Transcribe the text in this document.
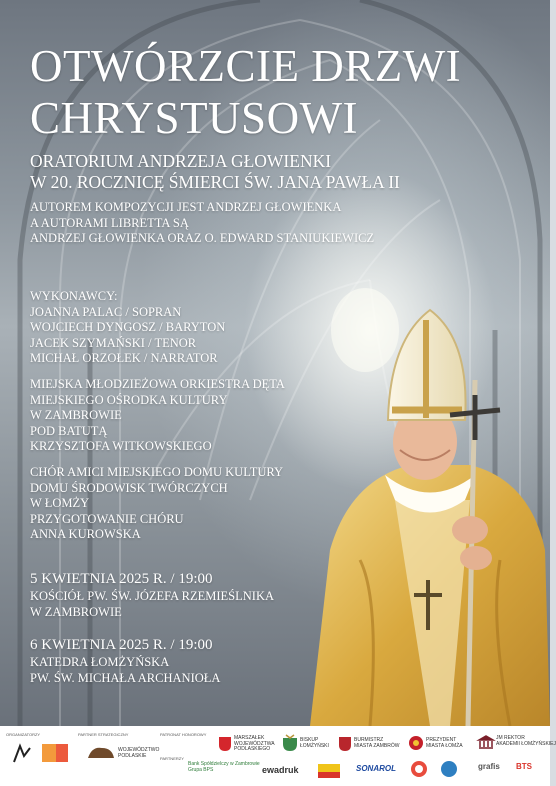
OTWÓRZCIE DRZWI
CHRYSTUSOWI
ORATORIUM ANDRZEJA GŁOWIENKI
W 20. ROCZNICĘ ŚMIERCI ŚW. JANA PAWŁA II
AUTOREM KOMPOZYCJI JEST ANDRZEJ GŁOWIENKA
A AUTORAMI LIBRETTA SĄ
ANDRZEJ GŁOWIENKA ORAZ O. EDWARD STANIUKIEWICZ
WYKONAWCY:
JOANNA PALAC / SOPRAN
WOJCIECH DYNGOSZ / BARYTON
JACEK SZYMAŃSKI / TENOR
MICHAŁ ORZOŁEK / NARRATOR
MIEJSKA MŁODZIEŻOWA ORKIESTRA DĘTA
MIEJSKIEGO OŚRODKA KULTURY
W ZAMBROWIE
POD BATUTĄ
KRZYSZTOFA WITKOWSKIEGO
CHÓR AMICI MIEJSKIEGO DOMU KULTURY
DOMU ŚRODOWISK TWÓRCZYCH
W ŁOMŻY
PRZYGOTOWANIE CHÓRU
ANNA KUROWSKA
5 KWIETNIA 2025 R. / 19:00
KOŚCIÓŁ PW. ŚW. JÓZEFA RZEMIEŚLNIKA
W ZAMBROWIE
6 KWIETNIA 2025 R. / 19:00
KATEDRA ŁOMŻYŃSKA
PW. ŚW. MICHAŁA ARCHANIOŁA
ORGANIZATORZY	PARTNER STRATEGICZNY	PATRONAT HONOROWY
PARTNERZY
WOJEWÓDZTWO
PODLASKIE
Bank Spółdzielczy w Zambrowie
Grupa BPS
MARSZAŁEK
WOJEWÓDZTWA
PODLASKIEGO
BISKUP
ŁOMŻYŃSKI
BURMISTRZ
MIASTA ZAMBRÓW
PREZYDENT
MIASTA ŁOMŻA
JM REKTOR
AKADEMII ŁOMŻYŃSKIEJ
ewadruk	SONAROL	grafis BTS
